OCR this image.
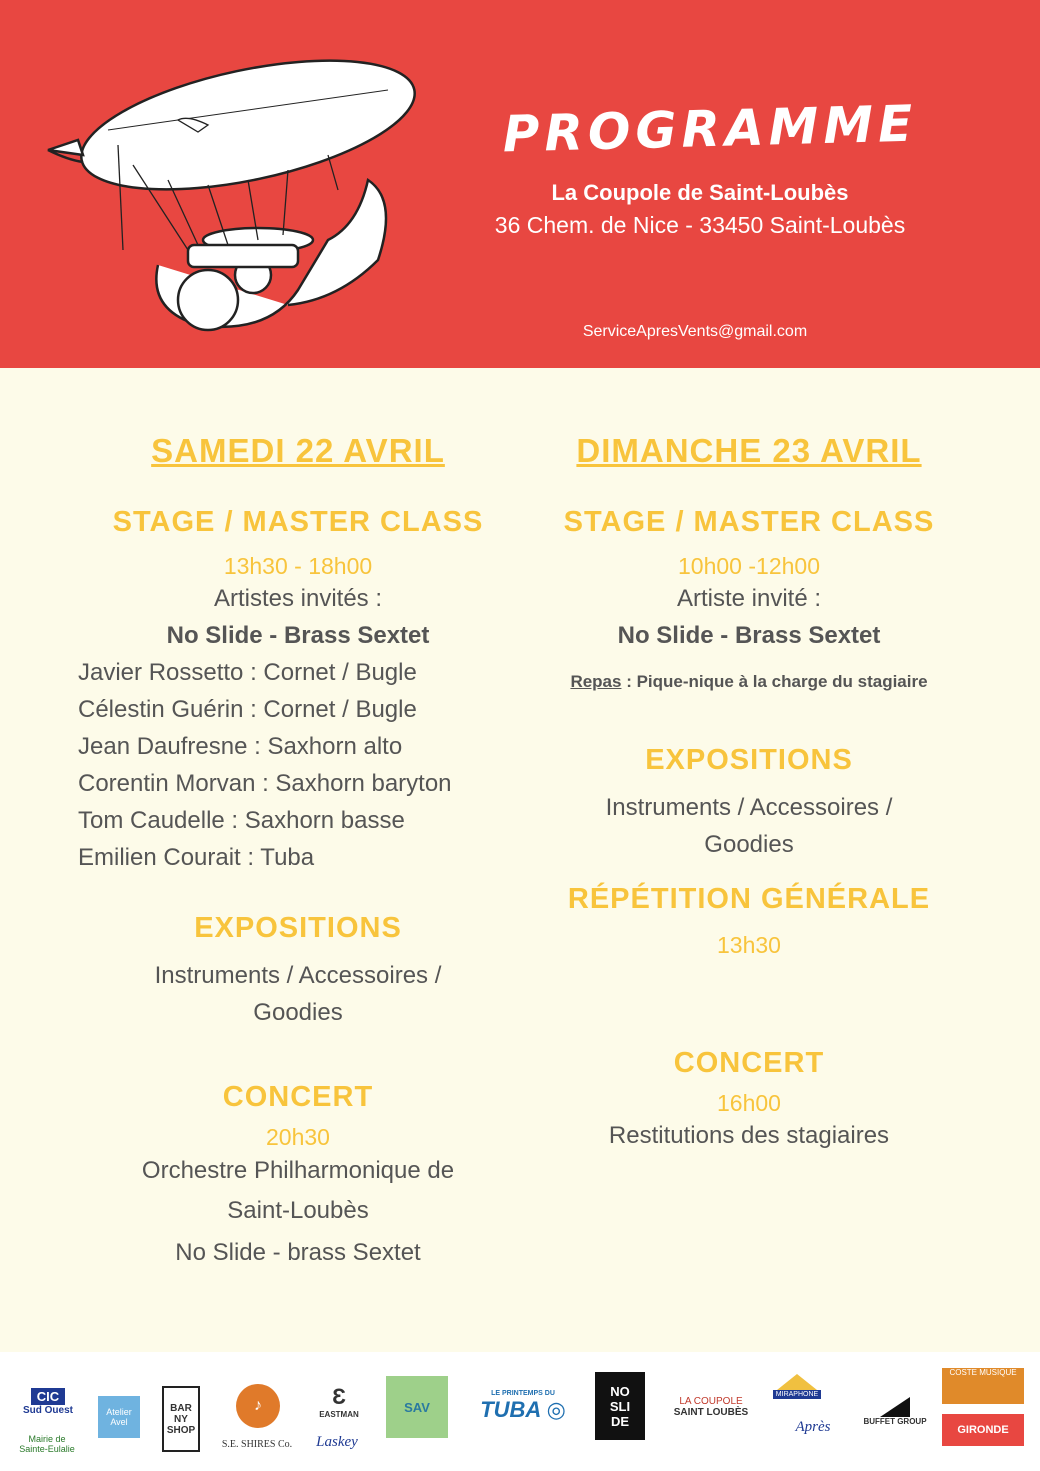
PROGRAMME
La Coupole de Saint-Loubès
36 Chem. de Nice - 33450 Saint-Loubès
ServiceApresVents@gmail.com
SAMEDI 22 AVRIL
STAGE / MASTER CLASS
13h30 - 18h00
Artistes invités :
No Slide - Brass Sextet
Javier Rossetto : Cornet / Bugle
Célestin Guérin : Cornet / Bugle
Jean Daufresne : Saxhorn alto
Corentin Morvan : Saxhorn baryton
Tom Caudelle : Saxhorn basse
Emilien Courait : Tuba
EXPOSITIONS
Instruments / Accessoires /
Goodies
CONCERT
20h30
Orchestre Philharmonique de
Saint-Loubès
No Slide - brass Sextet
DIMANCHE 23 AVRIL
STAGE / MASTER CLASS
10h00 -12h00
Artiste invité :
No Slide - Brass Sextet
Repas : Pique-nique à la charge du stagiaire
EXPOSITIONS
Instruments / Accessoires /
Goodies
RÉPÉTITION GÉNÉRALE
13h30
CONCERT
16h00
Restitutions des stagiaires
CIC
Sud Ouest
Mairie de
Sainte-Eulalie
Atelier Avel
BAR NY SHOP
♪
S.E. SHIRES Co.
Ɛ
EASTMAN
Laskey
SAV
LE PRINTEMPS DU
TUBA ◎
NO
SLI
DE
LA COUPOLE
SAINT LOUBÈS
MIRAPHONE
Après	BUFFET GROUP
COSTE MUSIQUE
GIRONDE
